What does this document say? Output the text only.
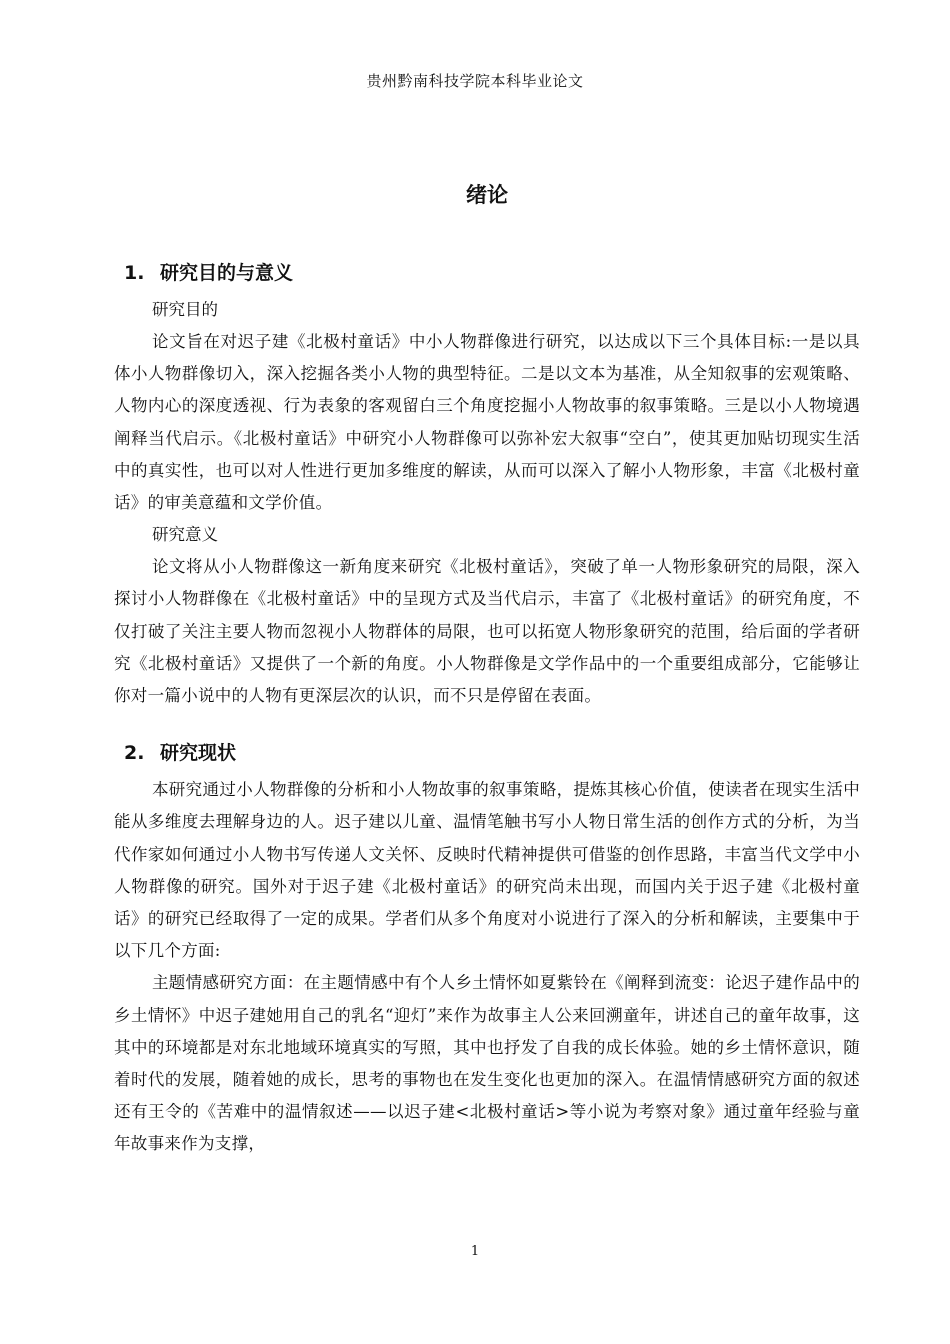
贵州黔南科技学院本科毕业论文
绪论
1. 研究目的与意义

研究目的

论文旨在对迟子建《北极村童话》中小人物群像进行研究，以达成以下三个具体目标:一是以具体小人物群像切入，深入挖掘各类小人物的典型特征。二是以文本为基准，从全知叙事的宏观策略、人物内心的深度透视、行为表象的客观留白三个角度挖掘小人物故事的叙事策略。三是以小人物境遇阐释当代启示。《北极村童话》中研究小人物群像可以弥补宏大叙事“空白”，使其更加贴切现实生活中的真实性，也可以对人性进行更加多维度的解读，从而可以深入了解小人物形象，丰富《北极村童话》的审美意蕴和文学价值。

研究意义

论文将从小人物群像这一新角度来研究《北极村童话》，突破了单一人物形象研究的局限，深入探讨小人物群像在《北极村童话》中的呈现方式及当代启示，丰富了《北极村童话》的研究角度，不仅打破了关注主要人物而忽视小人物群体的局限，也可以拓宽人物形象研究的范围，给后面的学者研究《北极村童话》又提供了一个新的角度。小人物群像是文学作品中的一个重要组成部分，它能够让你对一篇小说中的人物有更深层次的认识，而不只是停留在表面。

2. 研究现状

本研究通过小人物群像的分析和小人物故事的叙事策略，提炼其核心价值，使读者在现实生活中能从多维度去理解身边的人。迟子建以儿童、温情笔触书写小人物日常生活的创作方式的分析，为当代作家如何通过小人物书写传递人文关怀、反映时代精神提供可借鉴的创作思路，丰富当代文学中小人物群像的研究。国外对于迟子建《北极村童话》的研究尚未出现，而国内关于迟子建《北极村童话》的研究已经取得了一定的成果。学者们从多个角度对小说进行了深入的分析和解读，主要集中于以下几个方面:

主题情感研究方面：在主题情感中有个人乡土情怀如夏紫铃在《阐释到流变：论迟子建作品中的乡土情怀》中迟子建她用自己的乳名“迎灯”来作为故事主人公来回溯童年，讲述自己的童年故事，这其中的环境都是对东北地域环境真实的写照，其中也抒发了自我的成长体验。她的乡土情怀意识，随着时代的发展，随着她的成长，思考的事物也在发生变化也更加的深入。在温情情感研究方面的叙述还有王令的《苦难中的温情叙述——以迟子建<北极村童话>等小说为考察对象》通过童年经验与童年故事来作为支撑，

1
